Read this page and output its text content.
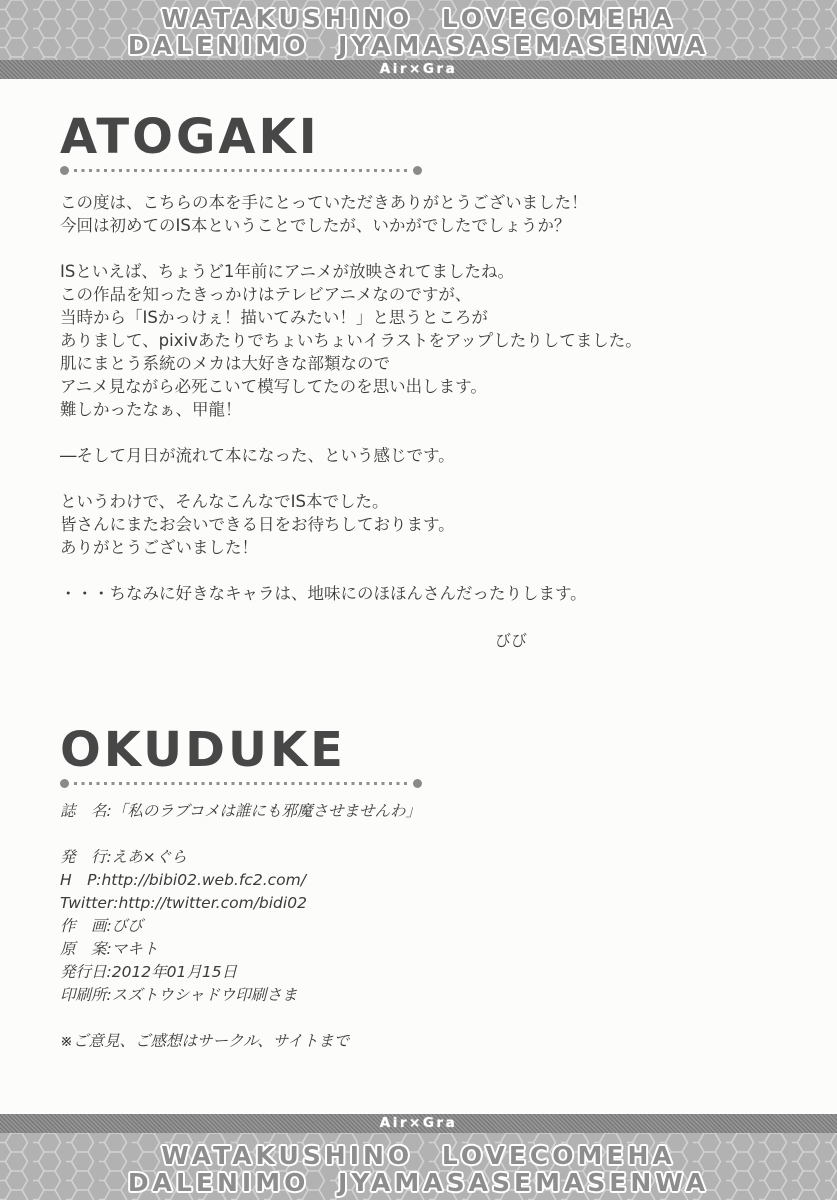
WATAKUSHINO LOVECOMEHA
DALENIMO JYAMASASEMASENWA
Air×Gra
ATOGAKI
この度は、こちらの本を手にとっていただきありがとうございました！
今回は初めてのIS本ということでしたが、いかがでしたでしょうか？
ISといえば、ちょうど1年前にアニメが放映されてましたね。
この作品を知ったきっかけはテレビアニメなのですが、
当時から「ISかっけぇ！描いてみたい！」と思うところが
ありまして、pixivあたりでちょいちょいイラストをアップしたりしてました。
肌にまとう系統のメカは大好きな部類なので
アニメ見ながら必死こいて模写してたのを思い出します。
難しかったなぁ、甲龍！
―そして月日が流れて本になった、という感じです。
というわけで、そんなこんなでIS本でした。
皆さんにまたお会いできる日をお待ちしております。
ありがとうございました！
・・・ちなみに好きなキャラは、地味にのほほんさんだったりします。
びび
OKUDUKE
誌　名:「私のラブコメは誰にも邪魔させませんわ」
発　行:えあ×ぐら
H　P:http://bibi02.web.fc2.com/
Twitter:http://twitter.com/bidi02
作　画:びび
原　案:マキト
発行日:2012年01月15日
印刷所:スズトウシャドウ印刷さま
※ご意見、ご感想はサークル、サイトまで
Air×Gra
WATAKUSHINO LOVECOMEHA
DALENIMO JYAMASASEMASENWA
